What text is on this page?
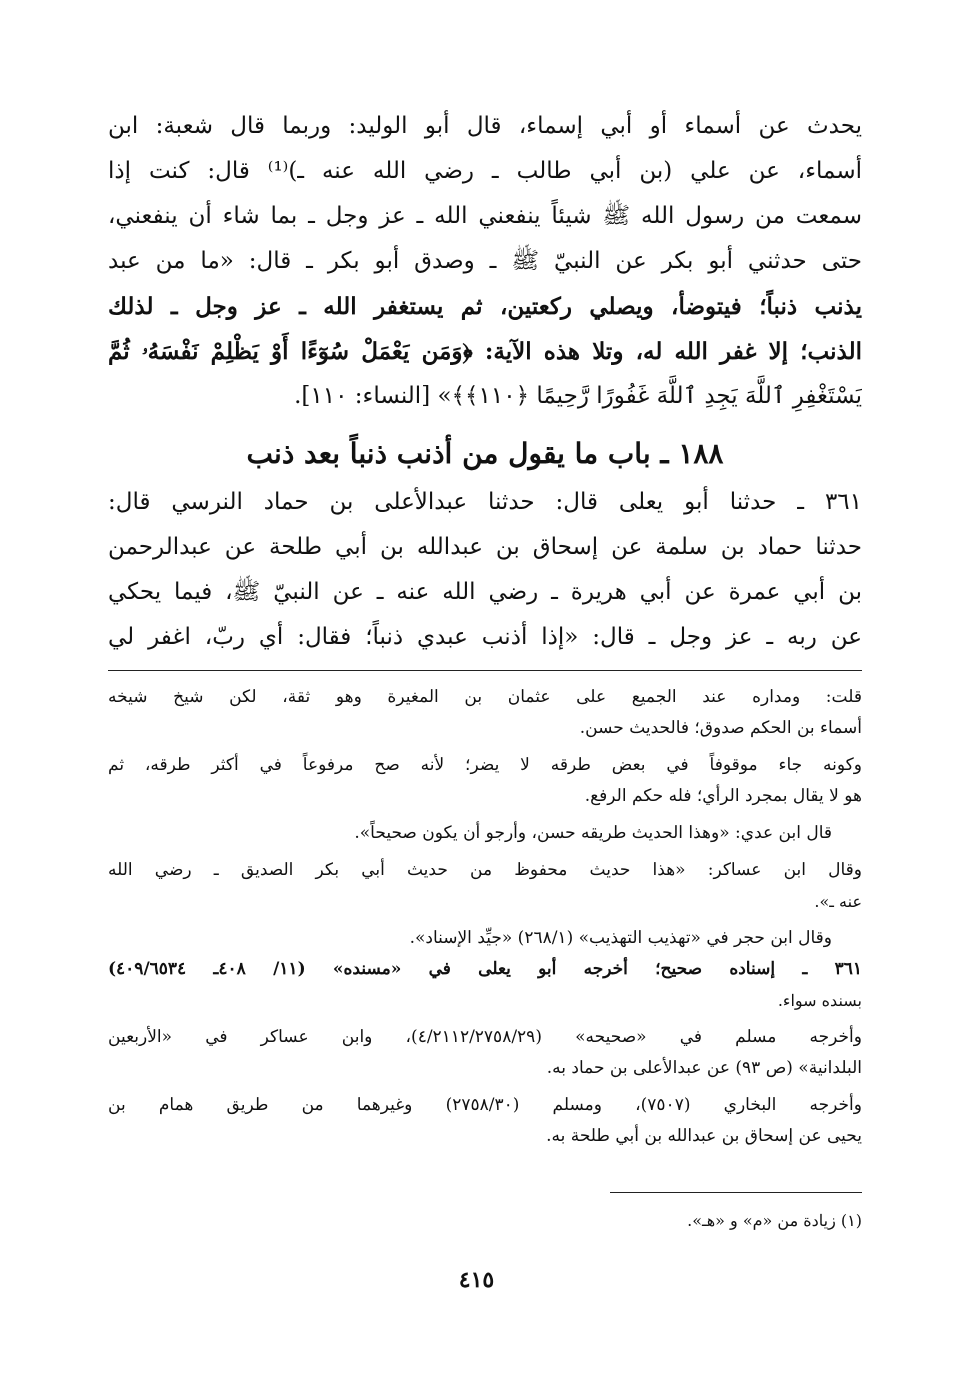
يحدث عن أسماء أو أبي إسماء، قال أبو الوليد: وربما قال شعبة: ابن
أسماء، عن علي (بن أبي طالب ـ رضي الله عنه ـ)⁽¹⁾ قال: كنت إذا
سمعت من رسول الله ﷺ شيئاً ينفعني الله ـ عز وجل ـ بما شاء أن ينفعني،
حتى حدثني أبو بكر عن النبيّ ﷺ ـ وصدق أبو بكر ـ قال: «ما من عبد
يذنب ذنباً؛ فيتوضأ، ويصلي ركعتين، ثم يستغفر الله ـ عز وجل ـ لذلك
الذنب؛ إلا غفر الله له، وتلا هذه الآية: ﴿وَمَن يَعْمَلْ سُوٓءًا أَوْ يَظْلِمْ نَفْسَهُۥ ثُمَّ
يَسْتَغْفِرِ ٱللَّهَ يَجِدِ ٱللَّهَ غَفُورًا رَّحِيمًا ﴿١١٠﴾﴾» [النساء: ١١٠].
١٨٨ ـ باب ما يقول من أذنب ذنباً بعد ذنب
٣٦١ ـ حدثنا أبو يعلى قال: حدثنا عبدالأعلى بن حماد النرسي قال:
حدثنا حماد بن سلمة عن إسحاق بن عبدالله بن أبي طلحة عن عبدالرحمن
بن أبي عمرة عن أبي هريرة ـ رضي الله عنه ـ عن النبيّ ﷺ، فيما يحكي
عن ربه ـ عز وجل ـ قال: «إذا أذنب عبدي ذنباً؛ فقال: أي ربّ، اغفر لي
قلت: ومداره عند الجميع على عثمان بن المغيرة وهو ثقة، لكن شيخ شيخه
أسماء بن الحكم صدوق؛ فالحديث حسن.
وكونه جاء موقوفاً في بعض طرقه لا يضر؛ لأنه صح مرفوعاً في أكثر طرقه، ثم
هو لا يقال بمجرد الرأي؛ فله حكم الرفع.
قال ابن عدي: «وهذا الحديث طريقه حسن، وأرجو أن يكون صحيحاً».
وقال ابن عساكر: «هذا حديث محفوظ من حديث أبي بكر الصديق ـ رضي الله
عنه ـ».
وقال ابن حجر في «تهذيب التهذيب» (٢٦٨/١) «جيِّد الإسناد».
٣٦١ ـ إسناده صحيح؛ أخرجه أبو يعلى في «مسنده» (١١/ ٤٠٨ـ ٤٠٩/٦٥٣٤)
بسنده سواء.
وأخرجه مسلم في «صحيحه» (٤/٢١١٢/٢٧٥٨/٢٩)، وابن عساكر في «الأربعين
البلدانية» (ص ٩٣) عن عبدالأعلى بن حماد به.
وأخرجه البخاري (٧٥٠٧)، ومسلم (٢٧٥٨/٣٠) وغيرهما من طريق همام بن
يحيى عن إسحاق بن عبدالله بن أبي طلحة به.
(١) زيادة من «م» و «هـ».
٤١٥
